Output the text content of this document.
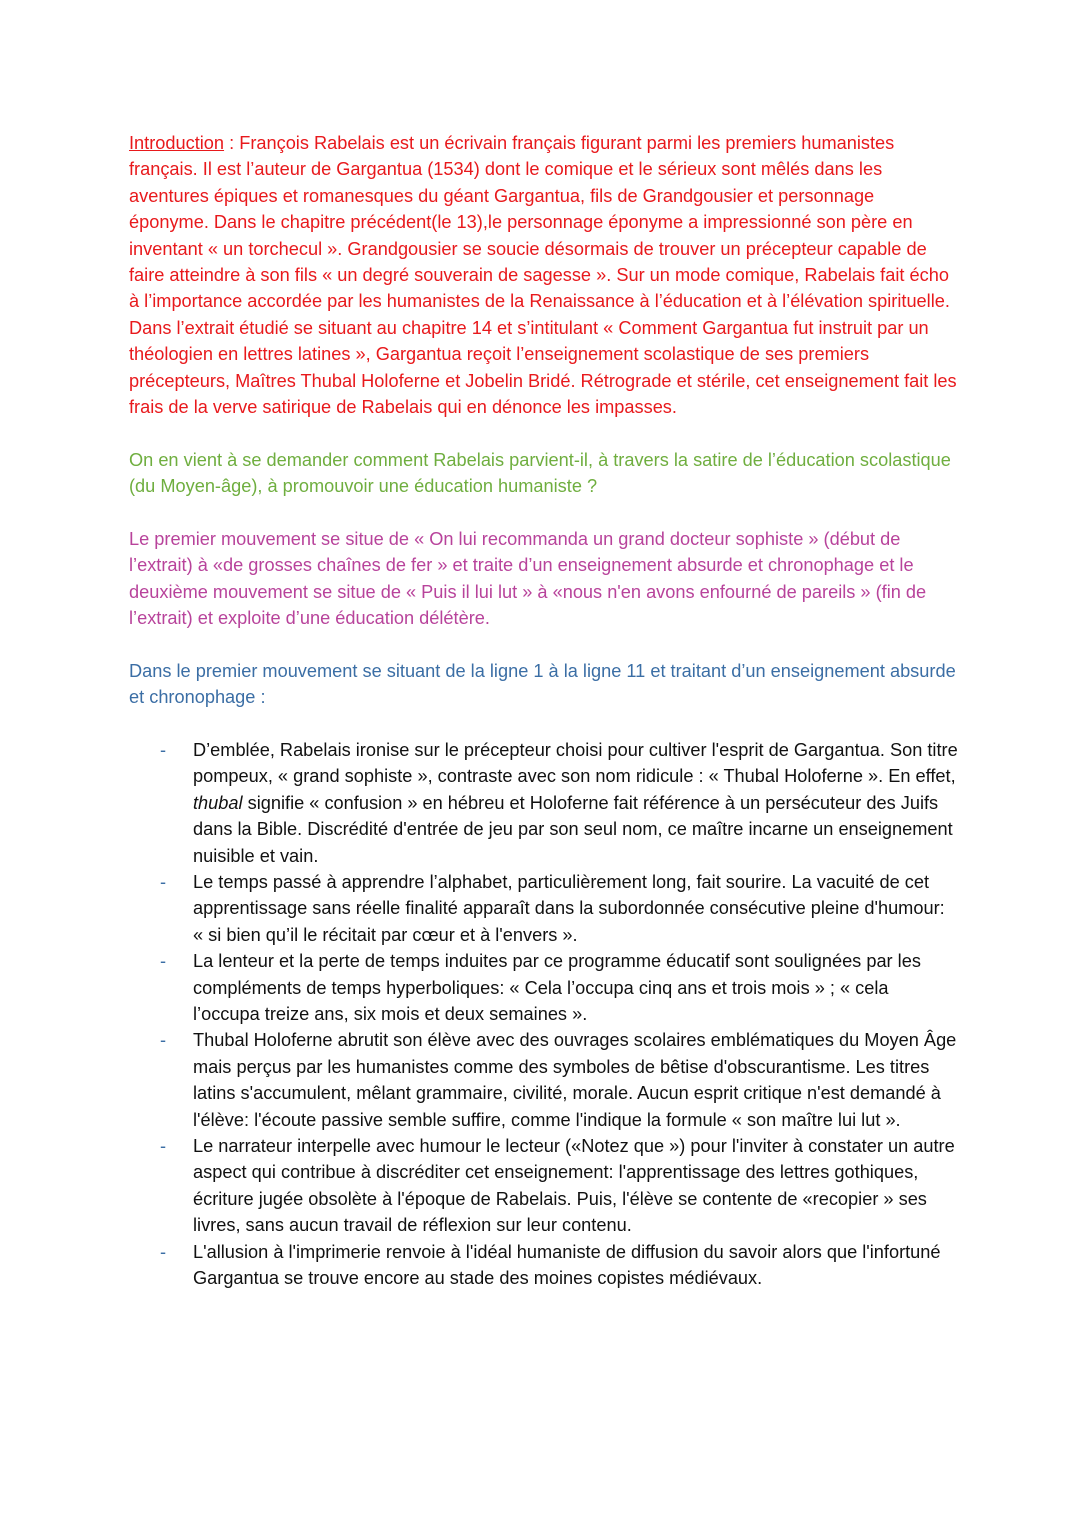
Introduction : François Rabelais est un écrivain français figurant parmi les premiers humanistes français. Il est l’auteur de Gargantua (1534) dont le comique et le sérieux sont mêlés dans les aventures épiques et romanesques du géant Gargantua, fils de Grandgousier et personnage éponyme. Dans le chapitre précédent(le 13),le personnage éponyme a impressionné son père en inventant « un torchecul ». Grandgousier se soucie désormais de trouver un précepteur capable de faire atteindre à son fils « un degré souverain de sagesse ». Sur un mode comique, Rabelais fait écho à l’importance accordée par les humanistes de la Renaissance à l’éducation et à l’élévation spirituelle. Dans l’extrait étudié se situant au chapitre 14 et s’intitulant « Comment Gargantua fut instruit par un théologien en lettres latines », Gargantua reçoit l’enseignement scolastique de ses premiers précepteurs, Maîtres Thubal Holoferne et Jobelin Bridé. Rétrograde et stérile, cet enseignement fait les frais de la verve satirique de Rabelais qui en dénonce les impasses.

On en vient à se demander comment Rabelais parvient-il, à travers la satire de l’éducation scolastique (du Moyen-âge), à promouvoir une éducation humaniste ?

Le premier mouvement se situe de « On lui recommanda un grand docteur sophiste » (début de l’extrait) à «de grosses chaînes de fer » et traite d’un enseignement absurde et chronophage et le deuxième mouvement se situe de « Puis il lui lut » à «nous n'en avons enfourné de pareils » (fin de l’extrait) et exploite d’une éducation délétère.

Dans le premier mouvement se situant de la ligne 1 à la ligne 11 et traitant d’un enseignement absurde et chronophage :

- D’emblée, Rabelais ironise sur le précepteur choisi pour cultiver l'esprit de Gargantua. Son titre pompeux, « grand sophiste », contraste avec son nom ridicule : « Thubal Holoferne ». En effet, thubal signifie « confusion » en hébreu et Holoferne fait référence à un persécuteur des Juifs dans la Bible. Discrédité d'entrée de jeu par son seul nom, ce maître incarne un enseignement nuisible et vain.
- Le temps passé à apprendre l’alphabet, particulièrement long, fait sourire. La vacuité de cet apprentissage sans réelle finalité apparaît dans la subordonnée consécutive pleine d'humour: « si bien qu’il le récitait par cœur et à l'envers ».
- La lenteur et la perte de temps induites par ce programme éducatif sont soulignées par les compléments de temps hyperboliques: « Cela l’occupa cinq ans et trois mois » ; « cela l’occupa treize ans, six mois et deux semaines ».
- Thubal Holoferne abrutit son élève avec des ouvrages scolaires emblématiques du Moyen Âge mais perçus par les humanistes comme des symboles de bêtise d'obscurantisme. Les titres latins s'accumulent, mêlant grammaire, civilité, morale. Aucun esprit critique n'est demandé à l'élève: l'écoute passive semble suffire, comme l'indique la formule « son maître lui lut ».
- Le narrateur interpelle avec humour le lecteur («Notez que ») pour l'inviter à constater un autre aspect qui contribue à discréditer cet enseignement: l'apprentissage des lettres gothiques, écriture jugée obsolète à l'époque de Rabelais. Puis, l'élève se contente de «recopier » ses livres, sans aucun travail de réflexion sur leur contenu.
- L'allusion à l'imprimerie renvoie à l'idéal humaniste de diffusion du savoir alors que l'infortuné Gargantua se trouve encore au stade des moines copistes médiévaux.
